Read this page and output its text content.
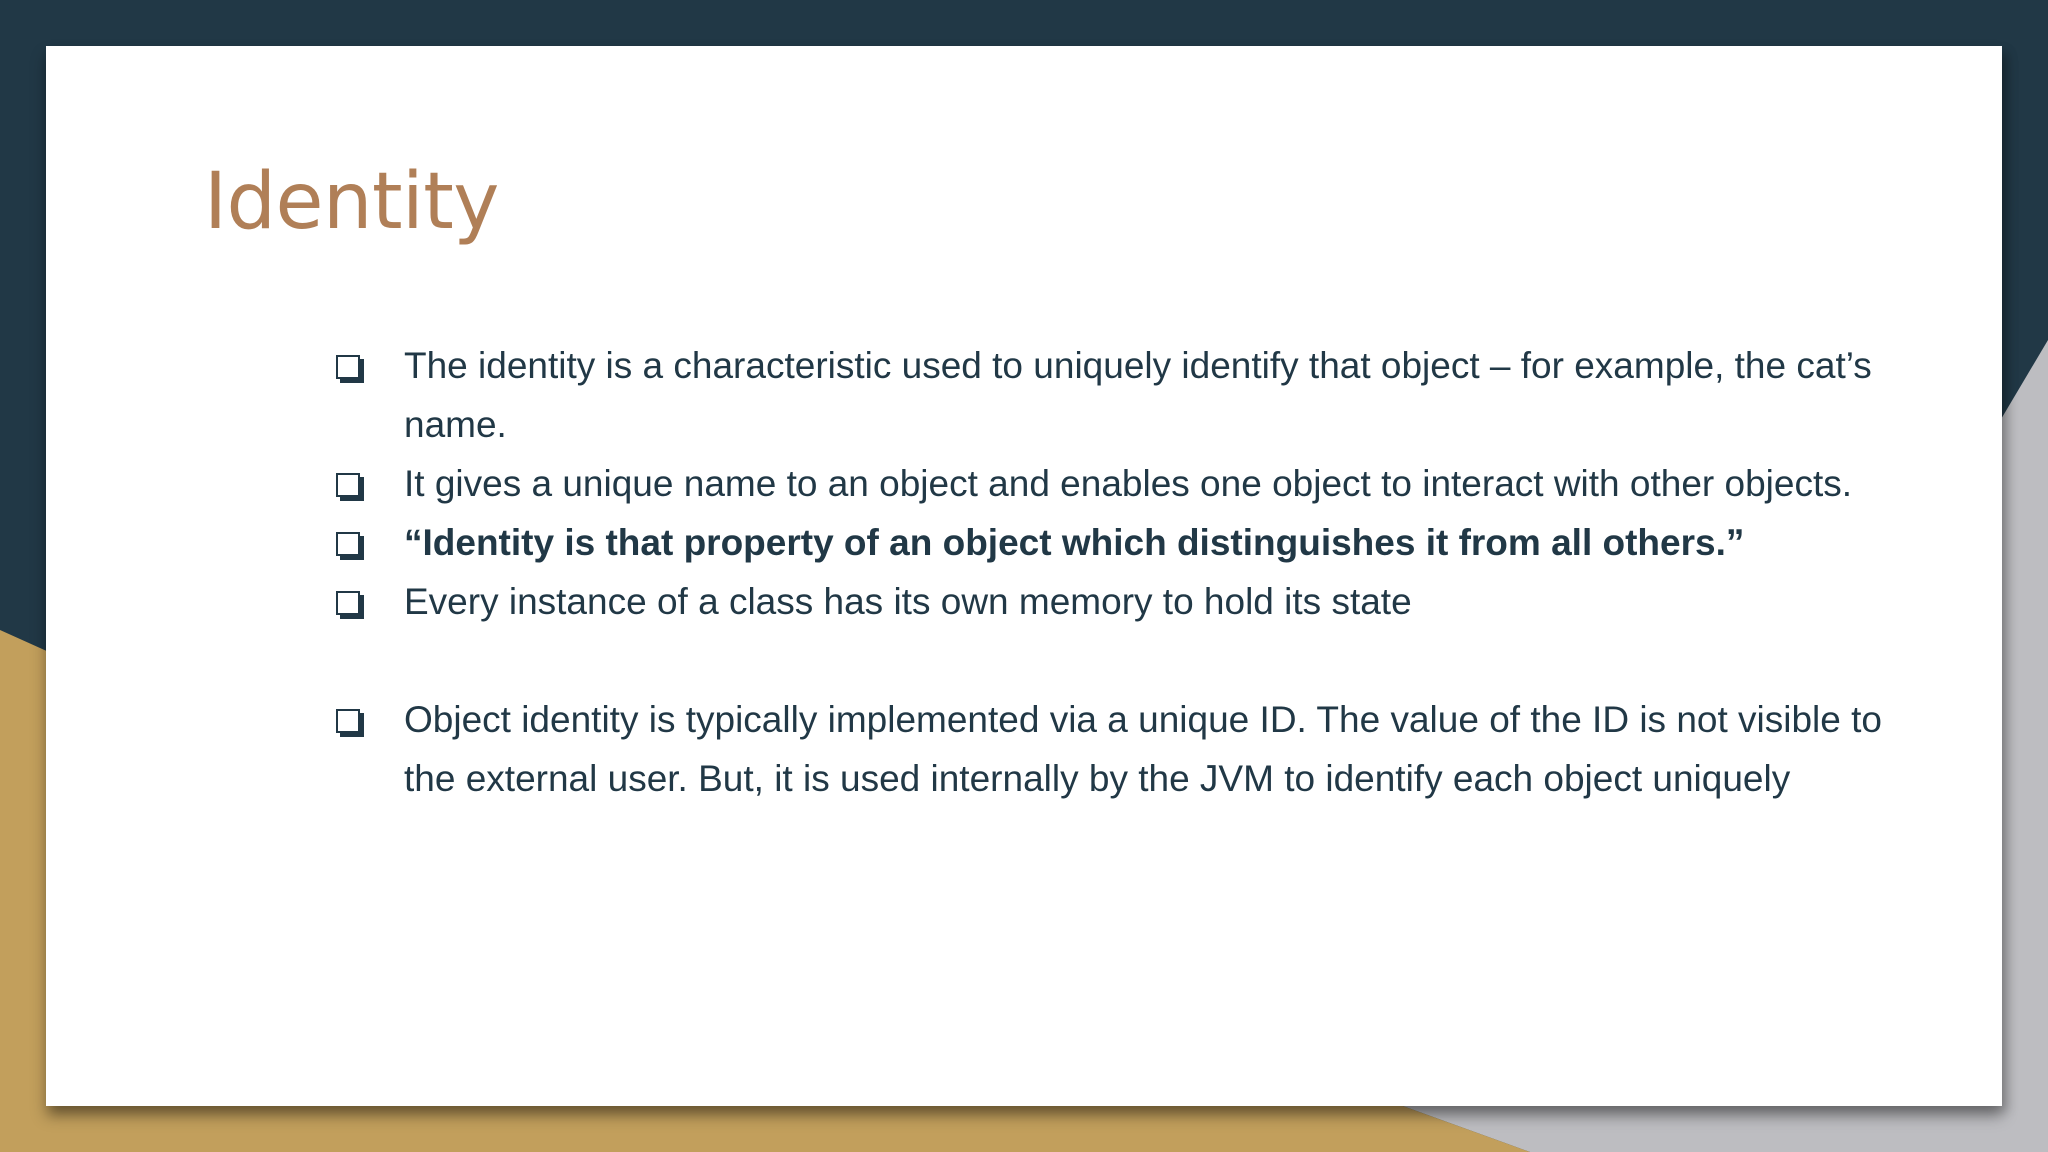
Identity
The identity is a characteristic used to uniquely identify that object – for example, the cat’s name.
It gives a unique name to an object and enables one object to interact with other objects.
“Identity is that property of an object which distinguishes it from all others.”
Every instance of a class has its own memory to hold its state
Object identity is typically implemented via a unique ID. The value of the ID is not visible to the external user. But, it is used internally by the JVM to identify each object uniquely
